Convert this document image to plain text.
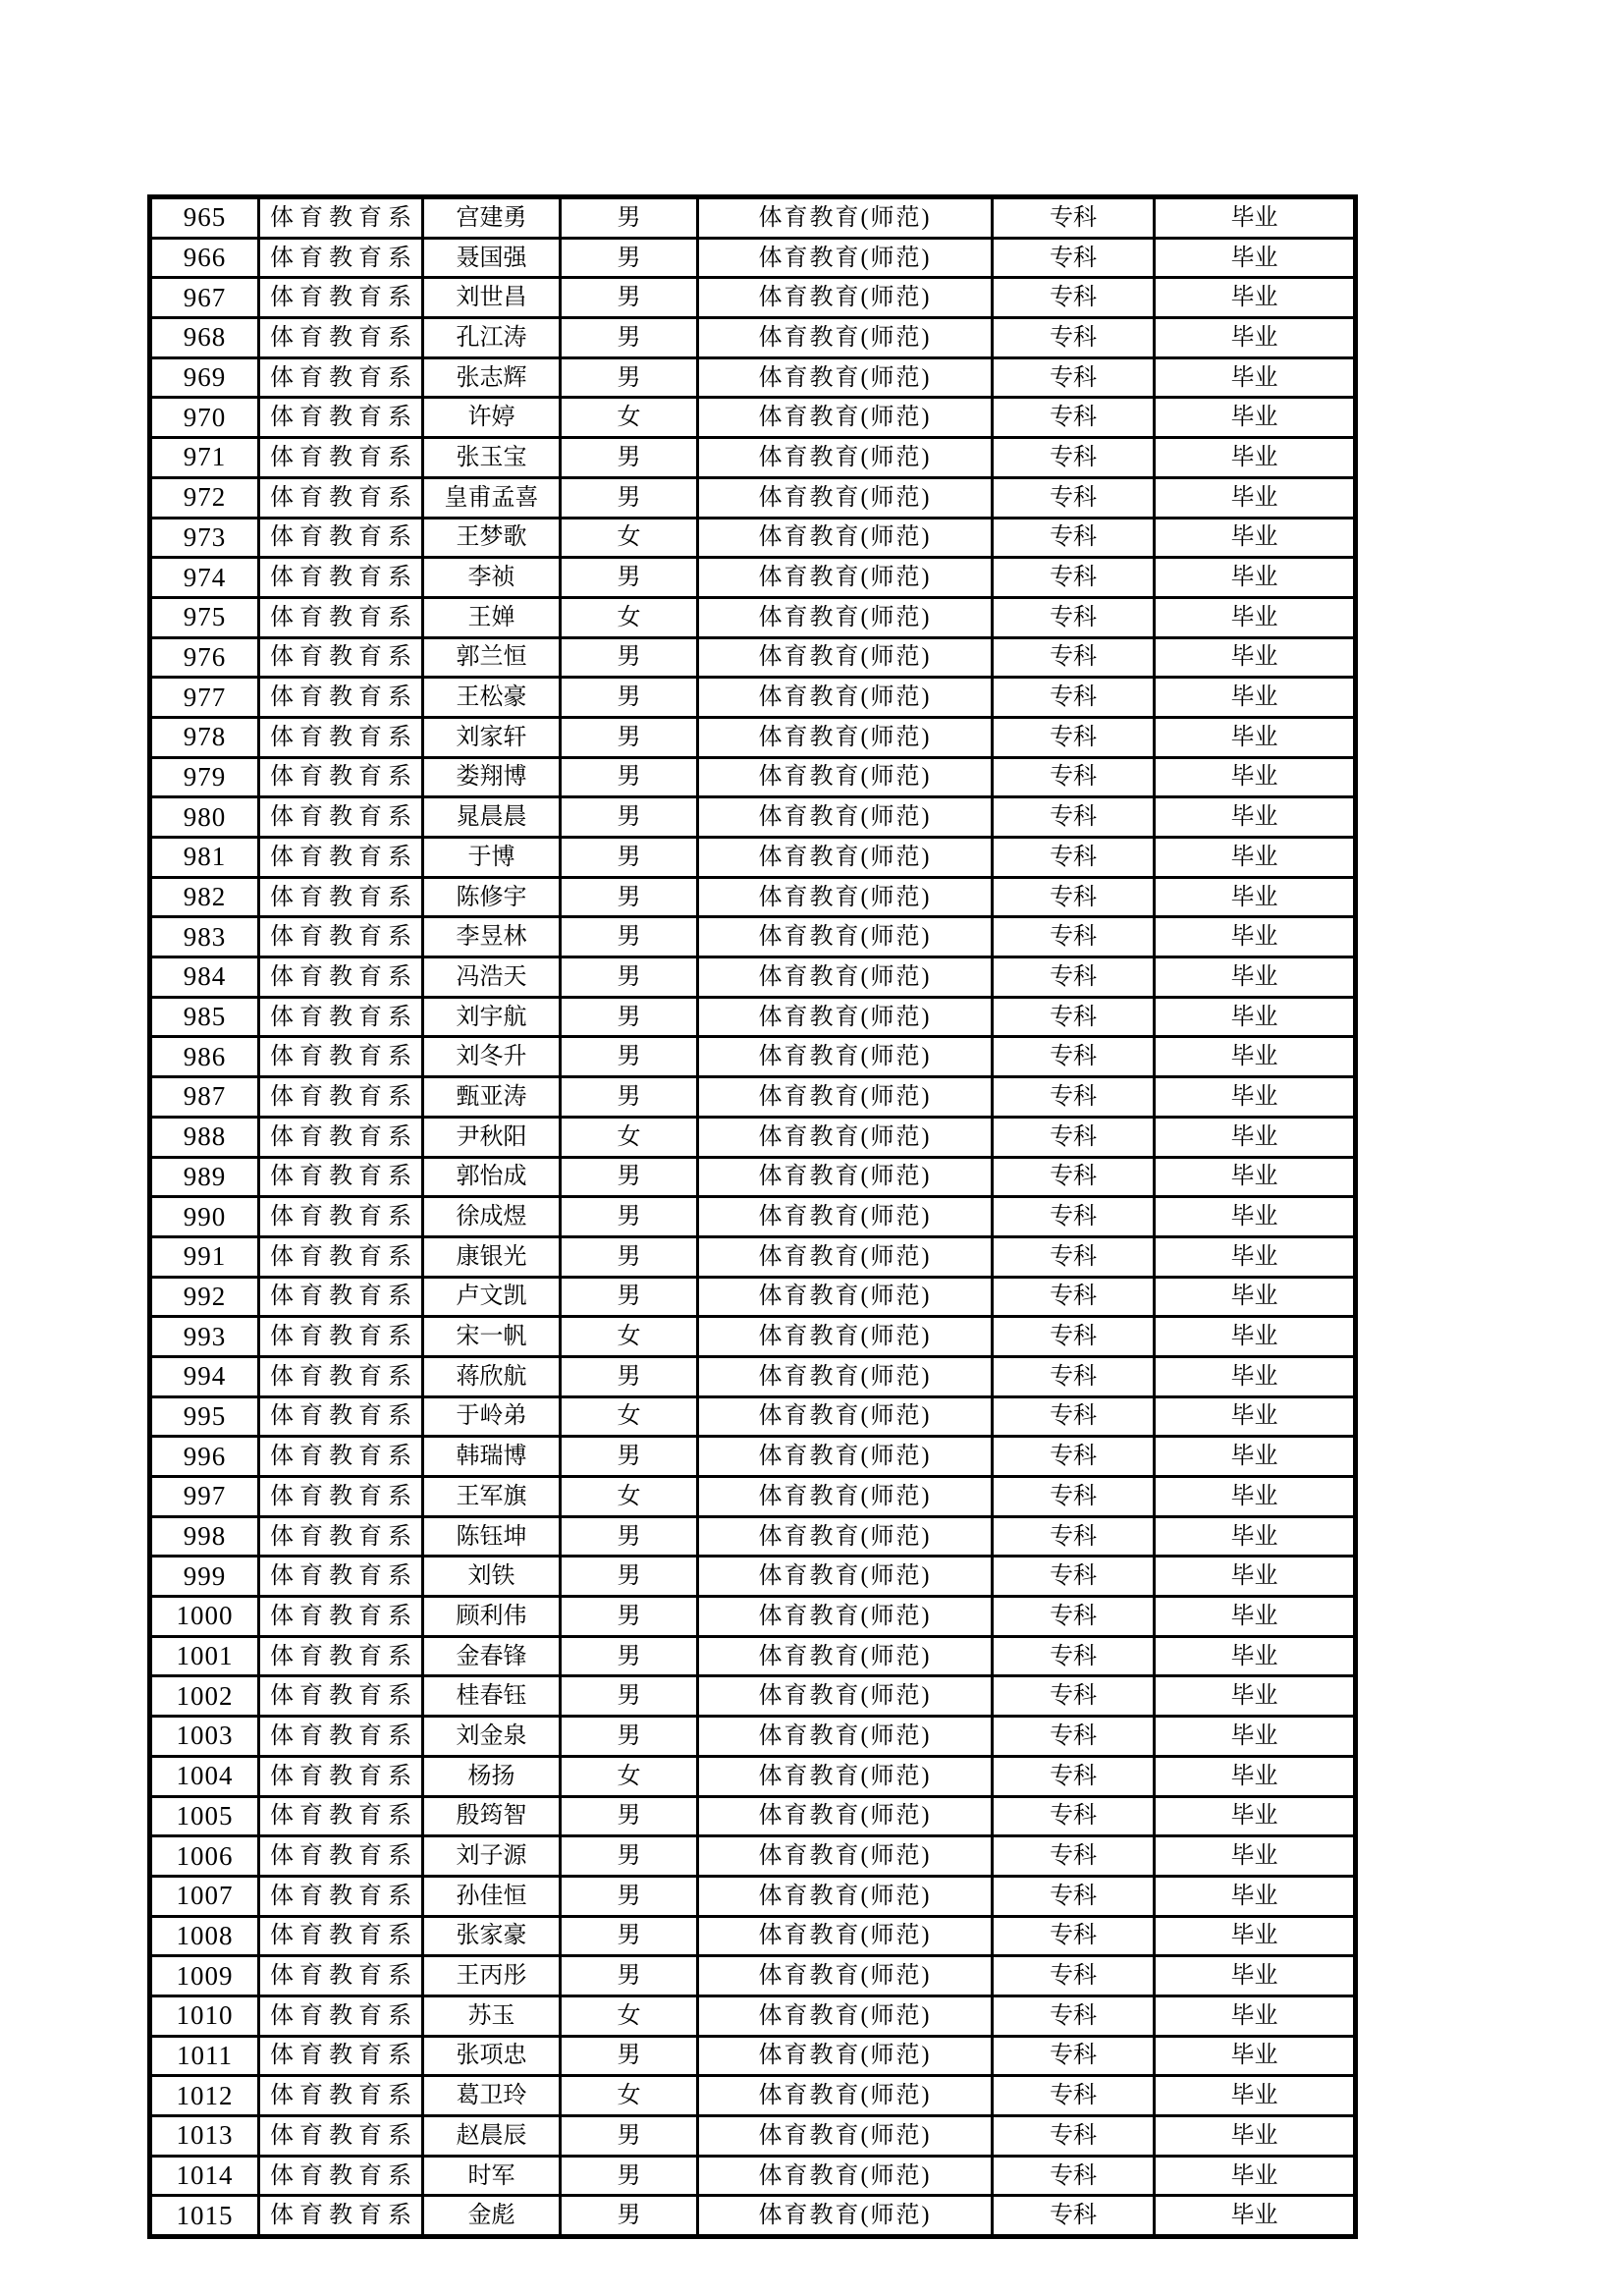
965	体育教育系	宫建勇	男	体育教育(师范)	专科	毕业
966	体育教育系	聂国强	男	体育教育(师范)	专科	毕业
967	体育教育系	刘世昌	男	体育教育(师范)	专科	毕业
968	体育教育系	孔江涛	男	体育教育(师范)	专科	毕业
969	体育教育系	张志辉	男	体育教育(师范)	专科	毕业
970	体育教育系	许婷	女	体育教育(师范)	专科	毕业
971	体育教育系	张玉宝	男	体育教育(师范)	专科	毕业
972	体育教育系	皇甫孟喜	男	体育教育(师范)	专科	毕业
973	体育教育系	王梦歌	女	体育教育(师范)	专科	毕业
974	体育教育系	李祯	男	体育教育(师范)	专科	毕业
975	体育教育系	王婵	女	体育教育(师范)	专科	毕业
976	体育教育系	郭兰恒	男	体育教育(师范)	专科	毕业
977	体育教育系	王松豪	男	体育教育(师范)	专科	毕业
978	体育教育系	刘家轩	男	体育教育(师范)	专科	毕业
979	体育教育系	娄翔博	男	体育教育(师范)	专科	毕业
980	体育教育系	晁晨晨	男	体育教育(师范)	专科	毕业
981	体育教育系	于博	男	体育教育(师范)	专科	毕业
982	体育教育系	陈修宇	男	体育教育(师范)	专科	毕业
983	体育教育系	李昱林	男	体育教育(师范)	专科	毕业
984	体育教育系	冯浩天	男	体育教育(师范)	专科	毕业
985	体育教育系	刘宇航	男	体育教育(师范)	专科	毕业
986	体育教育系	刘冬升	男	体育教育(师范)	专科	毕业
987	体育教育系	甄亚涛	男	体育教育(师范)	专科	毕业
988	体育教育系	尹秋阳	女	体育教育(师范)	专科	毕业
989	体育教育系	郭怡成	男	体育教育(师范)	专科	毕业
990	体育教育系	徐成煜	男	体育教育(师范)	专科	毕业
991	体育教育系	康银光	男	体育教育(师范)	专科	毕业
992	体育教育系	卢文凯	男	体育教育(师范)	专科	毕业
993	体育教育系	宋一帆	女	体育教育(师范)	专科	毕业
994	体育教育系	蒋欣航	男	体育教育(师范)	专科	毕业
995	体育教育系	于岭弟	女	体育教育(师范)	专科	毕业
996	体育教育系	韩瑞博	男	体育教育(师范)	专科	毕业
997	体育教育系	王军旗	女	体育教育(师范)	专科	毕业
998	体育教育系	陈钰坤	男	体育教育(师范)	专科	毕业
999	体育教育系	刘铁	男	体育教育(师范)	专科	毕业
1000	体育教育系	顾利伟	男	体育教育(师范)	专科	毕业
1001	体育教育系	金春锋	男	体育教育(师范)	专科	毕业
1002	体育教育系	桂春钰	男	体育教育(师范)	专科	毕业
1003	体育教育系	刘金泉	男	体育教育(师范)	专科	毕业
1004	体育教育系	杨扬	女	体育教育(师范)	专科	毕业
1005	体育教育系	殷筠智	男	体育教育(师范)	专科	毕业
1006	体育教育系	刘子源	男	体育教育(师范)	专科	毕业
1007	体育教育系	孙佳恒	男	体育教育(师范)	专科	毕业
1008	体育教育系	张家豪	男	体育教育(师范)	专科	毕业
1009	体育教育系	王丙彤	男	体育教育(师范)	专科	毕业
1010	体育教育系	苏玉	女	体育教育(师范)	专科	毕业
1011	体育教育系	张项忠	男	体育教育(师范)	专科	毕业
1012	体育教育系	葛卫玲	女	体育教育(师范)	专科	毕业
1013	体育教育系	赵晨辰	男	体育教育(师范)	专科	毕业
1014	体育教育系	时军	男	体育教育(师范)	专科	毕业
1015	体育教育系	金彪	男	体育教育(师范)	专科	毕业
